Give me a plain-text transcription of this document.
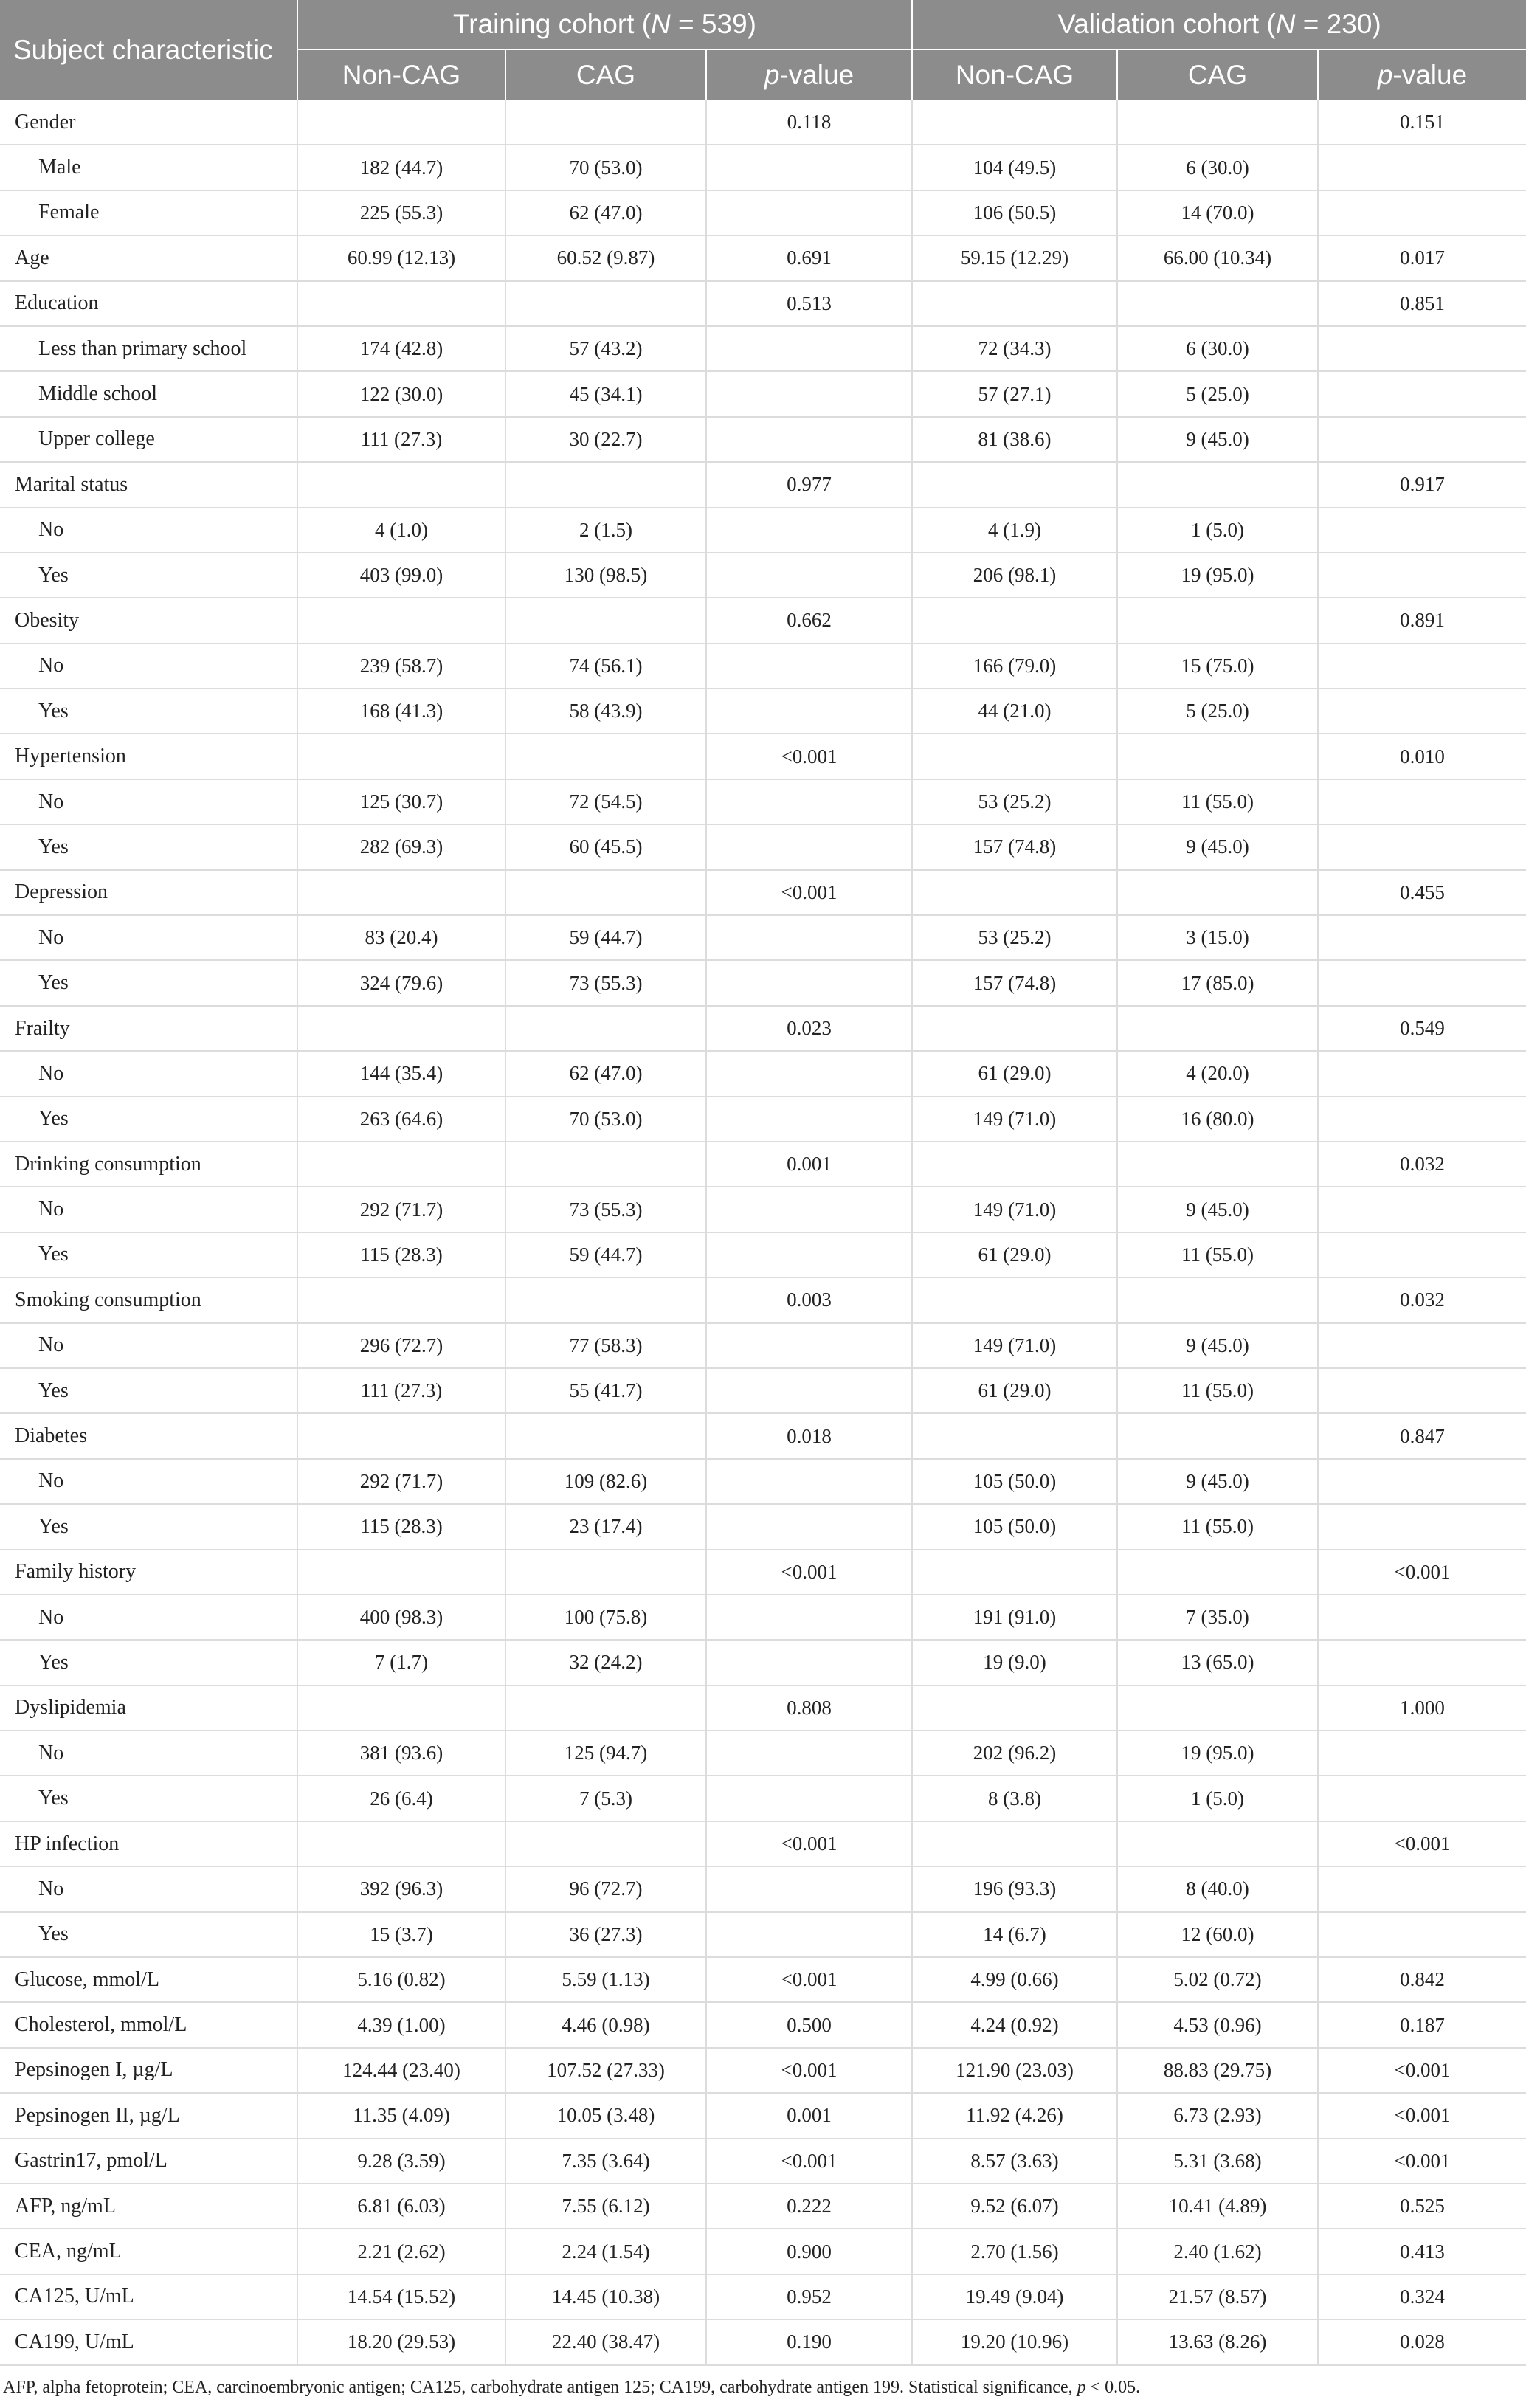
Subject characteristic	Training cohort (N = 539)			Validation cohort (N = 230)		
	Non-CAG	CAG	p-value	Non-CAG	CAG	p-value
Gender			0.118			0.151
Male	182 (44.7)	70 (53.0)		104 (49.5)	6 (30.0)	
Female	225 (55.3)	62 (47.0)		106 (50.5)	14 (70.0)	
Age	60.99 (12.13)	60.52 (9.87)	0.691	59.15 (12.29)	66.00 (10.34)	0.017
Education			0.513			0.851
Less than primary school	174 (42.8)	57 (43.2)		72 (34.3)	6 (30.0)	
Middle school	122 (30.0)	45 (34.1)		57 (27.1)	5 (25.0)	
Upper college	111 (27.3)	30 (22.7)		81 (38.6)	9 (45.0)	
Marital status			0.977			0.917
No	4 (1.0)	2 (1.5)		4 (1.9)	1 (5.0)	
Yes	403 (99.0)	130 (98.5)		206 (98.1)	19 (95.0)	
Obesity			0.662			0.891
No	239 (58.7)	74 (56.1)		166 (79.0)	15 (75.0)	
Yes	168 (41.3)	58 (43.9)		44 (21.0)	5 (25.0)	
Hypertension			<0.001			0.010
No	125 (30.7)	72 (54.5)		53 (25.2)	11 (55.0)	
Yes	282 (69.3)	60 (45.5)		157 (74.8)	9 (45.0)	
Depression			<0.001			0.455
No	83 (20.4)	59 (44.7)		53 (25.2)	3 (15.0)	
Yes	324 (79.6)	73 (55.3)		157 (74.8)	17 (85.0)	
Frailty			0.023			0.549
No	144 (35.4)	62 (47.0)		61 (29.0)	4 (20.0)	
Yes	263 (64.6)	70 (53.0)		149 (71.0)	16 (80.0)	
Drinking consumption			0.001			0.032
No	292 (71.7)	73 (55.3)		149 (71.0)	9 (45.0)	
Yes	115 (28.3)	59 (44.7)		61 (29.0)	11 (55.0)	
Smoking consumption			0.003			0.032
No	296 (72.7)	77 (58.3)		149 (71.0)	9 (45.0)	
Yes	111 (27.3)	55 (41.7)		61 (29.0)	11 (55.0)	
Diabetes			0.018			0.847
No	292 (71.7)	109 (82.6)		105 (50.0)	9 (45.0)	
Yes	115 (28.3)	23 (17.4)		105 (50.0)	11 (55.0)	
Family history			<0.001			<0.001
No	400 (98.3)	100 (75.8)		191 (91.0)	7 (35.0)	
Yes	7 (1.7)	32 (24.2)		19 (9.0)	13 (65.0)	
Dyslipidemia			0.808			1.000
No	381 (93.6)	125 (94.7)		202 (96.2)	19 (95.0)	
Yes	26 (6.4)	7 (5.3)		8 (3.8)	1 (5.0)	
HP infection			<0.001			<0.001
No	392 (96.3)	96 (72.7)		196 (93.3)	8 (40.0)	
Yes	15 (3.7)	36 (27.3)		14 (6.7)	12 (60.0)	
Glucose, mmol/L	5.16 (0.82)	5.59 (1.13)	<0.001	4.99 (0.66)	5.02 (0.72)	0.842
Cholesterol, mmol/L	4.39 (1.00)	4.46 (0.98)	0.500	4.24 (0.92)	4.53 (0.96)	0.187
Pepsinogen I, µg/L	124.44 (23.40)	107.52 (27.33)	<0.001	121.90 (23.03)	88.83 (29.75)	<0.001
Pepsinogen II, µg/L	11.35 (4.09)	10.05 (3.48)	0.001	11.92 (4.26)	6.73 (2.93)	<0.001
Gastrin17, pmol/L	9.28 (3.59)	7.35 (3.64)	<0.001	8.57 (3.63)	5.31 (3.68)	<0.001
AFP, ng/mL	6.81 (6.03)	7.55 (6.12)	0.222	9.52 (6.07)	10.41 (4.89)	0.525
CEA, ng/mL	2.21 (2.62)	2.24 (1.54)	0.900	2.70 (1.56)	2.40 (1.62)	0.413
CA125, U/mL	14.54 (15.52)	14.45 (10.38)	0.952	19.49 (9.04)	21.57 (8.57)	0.324
CA199, U/mL	18.20 (29.53)	22.40 (38.47)	0.190	19.20 (10.96)	13.63 (8.26)	0.028
AFP, alpha fetoprotein; CEA, carcinoembryonic antigen; CA125, carbohydrate antigen 125; CA199, carbohydrate antigen 199. Statistical significance, p < 0.05.
